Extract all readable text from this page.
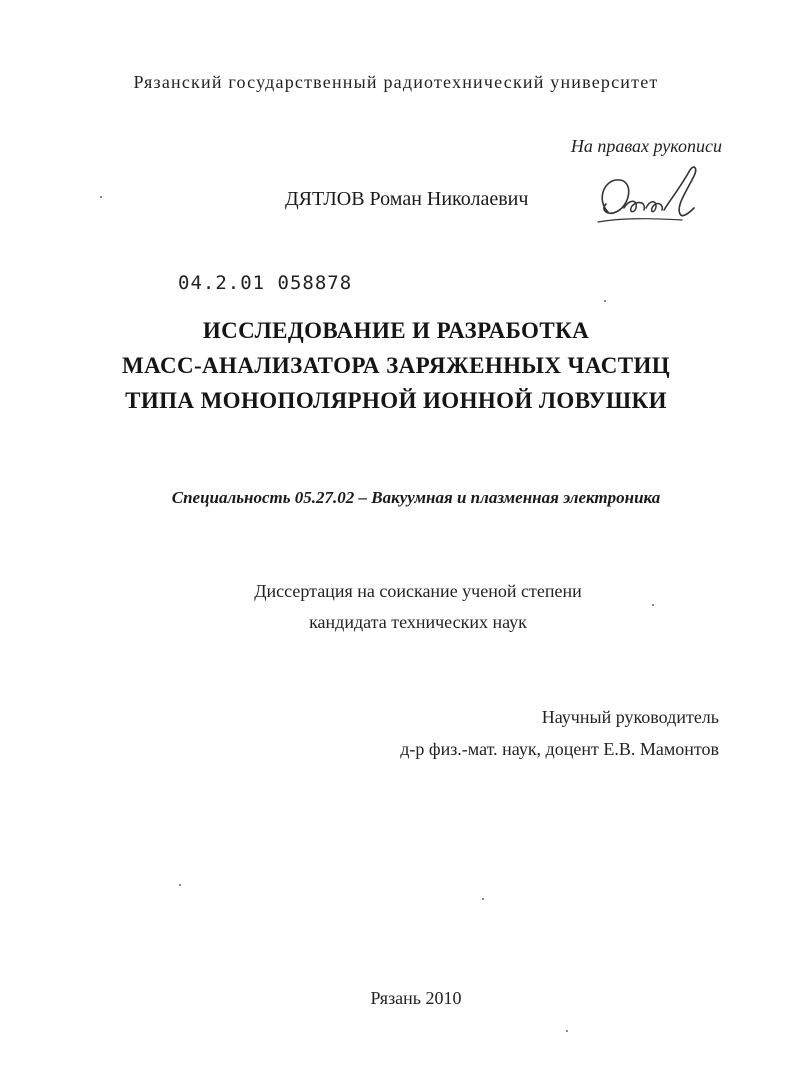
Рязанский государственный радиотехнический университет
На правах рукописи
ДЯТЛОВ Роман Николаевич
04.2.01 058878
ИССЛЕДОВАНИЕ И РАЗРАБОТКА
МАСС-АНАЛИЗАТОРА ЗАРЯЖЕННЫХ ЧАСТИЦ
ТИПА МОНОПОЛЯРНОЙ ИОННОЙ ЛОВУШКИ
Специальность 05.27.02 – Вакуумная и плазменная электроника
Диссертация на соискание ученой степени
кандидата технических наук
Научный руководитель
д-р физ.-мат. наук, доцент Е.В. Мамонтов
Рязань 2010
